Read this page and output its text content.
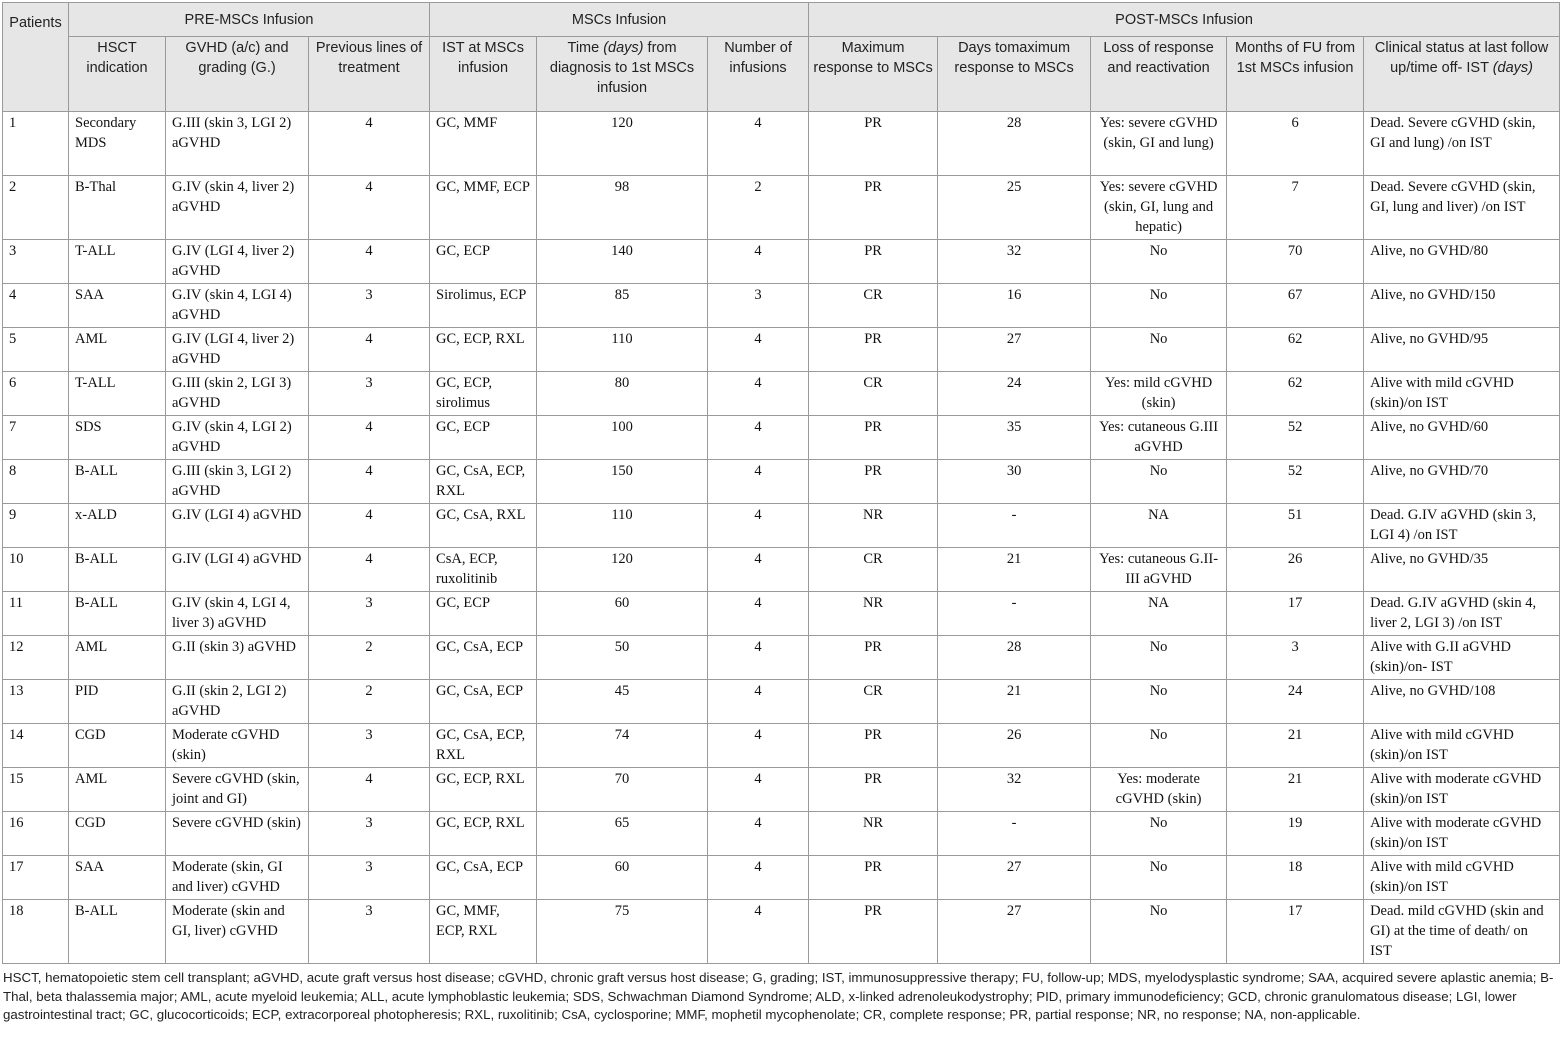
Patients	PRE-MSCs Infusion			MSCs Infusion			POST-MSCs Infusion				
	HSCT indication	GVHD (a/c) and grading (G.)	Previous lines of treatment	IST at MSCs infusion	Time (days) from diagnosis to 1st MSCs infusion	Number of infusions	Maximum response to MSCs	Days tomaximum response to MSCs	Loss of response and reactivation	Months of FU from 1st MSCs infusion	Clinical status at last follow up/time off- IST (days)
1	Secondary MDS	G.III (skin 3, LGI 2) aGVHD	4	GC, MMF	120	4	PR	28	Yes: severe cGVHD (skin, GI and lung)	6	Dead. Severe cGVHD (skin, GI and lung) /on IST
2	B-Thal	G.IV (skin 4, liver 2) aGVHD	4	GC, MMF, ECP	98	2	PR	25	Yes: severe cGVHD (skin, GI, lung and hepatic)	7	Dead. Severe cGVHD (skin, GI, lung and liver) /on IST
3	T-ALL	G.IV (LGI 4, liver 2) aGVHD	4	GC, ECP	140	4	PR	32	No	70	Alive, no GVHD/80
4	SAA	G.IV (skin 4, LGI 4) aGVHD	3	Sirolimus, ECP	85	3	CR	16	No	67	Alive, no GVHD/150
5	AML	G.IV (LGI 4, liver 2) aGVHD	4	GC, ECP, RXL	110	4	PR	27	No	62	Alive, no GVHD/95
6	T-ALL	G.III (skin 2, LGI 3) aGVHD	3	GC, ECP, sirolimus	80	4	CR	24	Yes: mild cGVHD (skin)	62	Alive with mild cGVHD (skin)/on IST
7	SDS	G.IV (skin 4, LGI 2) aGVHD	4	GC, ECP	100	4	PR	35	Yes: cutaneous G.III aGVHD	52	Alive, no GVHD/60
8	B-ALL	G.III (skin 3, LGI 2) aGVHD	4	GC, CsA, ECP, RXL	150	4	PR	30	No	52	Alive, no GVHD/70
9	x-ALD	G.IV (LGI 4) aGVHD	4	GC, CsA, RXL	110	4	NR	-	NA	51	Dead. G.IV aGVHD (skin 3, LGI 4) /on IST
10	B-ALL	G.IV (LGI 4) aGVHD	4	CsA, ECP, ruxolitinib	120	4	CR	21	Yes: cutaneous G.II-III aGVHD	26	Alive, no GVHD/35
11	B-ALL	G.IV (skin 4, LGI 4, liver 3) aGVHD	3	GC, ECP	60	4	NR	-	NA	17	Dead. G.IV aGVHD (skin 4, liver 2, LGI 3) /on IST
12	AML	G.II (skin 3) aGVHD	2	GC, CsA, ECP	50	4	PR	28	No	3	Alive with G.II aGVHD (skin)/on- IST
13	PID	G.II (skin 2, LGI 2) aGVHD	2	GC, CsA, ECP	45	4	CR	21	No	24	Alive, no GVHD/108
14	CGD	Moderate cGVHD (skin)	3	GC, CsA, ECP, RXL	74	4	PR	26	No	21	Alive with mild cGVHD (skin)/on IST
15	AML	Severe cGVHD (skin, joint and GI)	4	GC, ECP, RXL	70	4	PR	32	Yes: moderate cGVHD (skin)	21	Alive with moderate cGVHD (skin)/on IST
16	CGD	Severe cGVHD (skin)	3	GC, ECP, RXL	65	4	NR	-	No	19	Alive with moderate cGVHD (skin)/on IST
17	SAA	Moderate (skin, GI and liver) cGVHD	3	GC, CsA, ECP	60	4	PR	27	No	18	Alive with mild cGVHD (skin)/on IST
18	B-ALL	Moderate (skin and GI, liver) cGVHD	3	GC, MMF, ECP, RXL	75	4	PR	27	No	17	Dead. mild cGVHD (skin and GI) at the time of death/ on IST
HSCT, hematopoietic stem cell transplant; aGVHD, acute graft versus host disease; cGVHD, chronic graft versus host disease; G, grading; IST, immunosuppressive therapy; FU, follow-up; MDS, myelodysplastic syndrome; SAA, acquired severe aplastic anemia; B-Thal, beta thalassemia major; AML, acute myeloid leukemia; ALL, acute lymphoblastic leukemia; SDS, Schwachman Diamond Syndrome; ALD, x-linked adrenoleukodystrophy; PID, primary immunodeficiency; GCD, chronic granulomatous disease; LGI, lower gastrointestinal tract; GC, glucocorticoids; ECP, extracorporeal photopheresis; RXL, ruxolitinib; CsA, cyclosporine; MMF, mophetil mycophenolate; CR, complete response; PR, partial response; NR, no response; NA, non-applicable.
